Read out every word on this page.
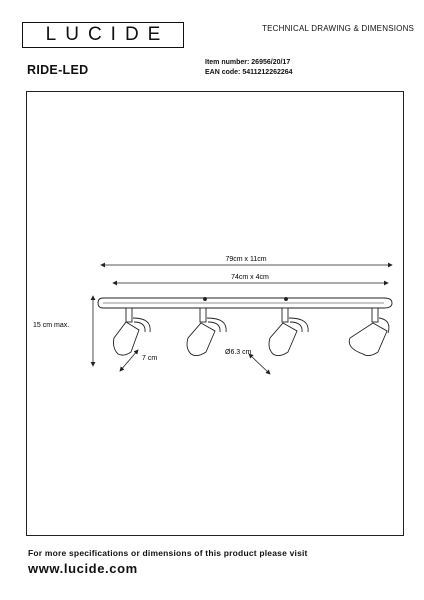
LUCIDE	TECHNICAL DRAWING & DIMENSIONS
RIDE-LED
Item number: 26956/20/17
EAN code: 5411212262264
79cm x 11cm
74cm x 4cm
15 cm max.
7 cm
Ø6.3 cm
For more specifications or dimensions of this product please visit
www.lucide.com
